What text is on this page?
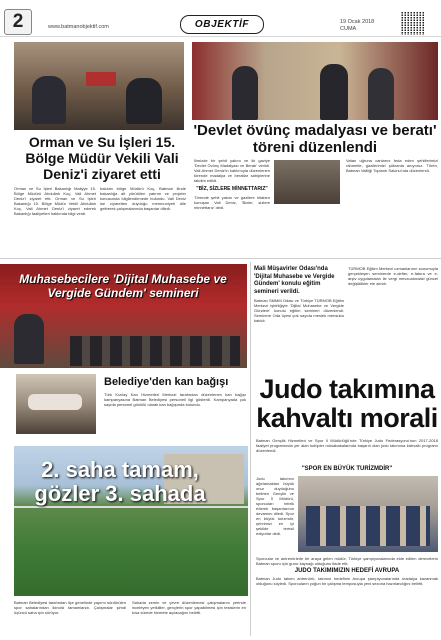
2	www.batmanobjektif.com	OBJEKTİF	19 Ocak 2018
CUMA
Orman ve Su İşleri 15. Bölge Müdür Vekili Vali Deniz'i ziyaret etti

Orman ve Su İşleri Bakanlığı Maliyye 15. Bölge Müdürü Abdullah Koç, Vali Ahmet Deniz'i ziyaret etti. Orman ve Su İşleri Bakanlığı 15. Bölge Müdür Vekili Abdullah Koç, Vali Ahmet Deniz'i ziyaret ederek Bakanlığı faaliyetleri hakkında bilgi verdi.

bakılan bölge Müdürü Koç, Batman ilinde bakanlığa ait yürütülen yatırım ve projeler konusunda bilgilendirmede bulundu. Vali Deniz ise ziyaretten duyduğu memnuniyeti dile getirerek çalışmalarında başarılar diledi.

'Devlet övünç madalyası ve beratı' töreni düzenlendi

İlimizde bir şehit yakını ve iki gaziye 'Devlet Övünç Madalyası ve Beratı' verildi. Vali Ahmet Deniz'in katılımıyla düzenlenen törende madalya ve beratlar sahiplerine takdim edildi.

"BİZ, SİZLERE MİNNETTARIZ"

Törende şehit yakını ve gazilere hitaben konuşan Vali Deniz, 'Bizler, sizlere minnettarız' dedi.

Vatan uğruna canlarını feda eden şehitlerimizi rahmetle, gazilerimizi şükranla anıyoruz. Tören, Batman Valiliği Toplantı Salonu'nda düzenlendi.

Muhasebecilere 'Dijital Muhasebe ve Vergide Gündem' semineri
Mali Müşavirler Odası'nda 'Dijital Muhasebe ve Vergide Gündem' konulu eğitim semineri verildi.

Batman SMMM Odası ve Türkiye TÜRMOB Eğitim Merkezi işbirliğiyle 'Dijital Muhasebe ve Vergide Gündem' konulu eğitim semineri düzenlendi. Seminere Oda üyesi çok sayıda meslek mensubu katıldı.

TÜRMOB Eğitim Merkezi uzmanlarının sunumuyla gerçekleşen seminerde e-defter, e-fatura ve e-arşiv uygulamaları ile vergi mevzuatındaki güncel değişiklikler ele alındı.

Belediye'den kan bağışı

Türk Kızılay Kan Hizmetleri Merkezi tarafından düzenlenen kan bağışı kampanyasına Batman Belediyesi personeli ilgi gösterdi. Kampanyada çok sayıda personel gönüllü olarak kan bağışında bulundu.

2. saha tamam, gözler 3. sahada

Batman Belediyesi tarafından ilçe genelinde yapımı sürdürülen spor sahalarından ikincisi tamamlandı. Çalışmalar şimdi üçüncü saha için sürüyor.

Sahada zemin ve çevre düzenlemesi çalışmalarını yerinde inceleyen yetkililer, gençlerin spor yapabilmesi için tesislerin en kısa sürede hizmete açılacağını belirtti.

Judo takımına kahvaltı morali

Batman Gençlik Hizmetleri ve Spor İl Müdürlüğü'nde Türkiye Judo Federasyonu'nun 2017-2018 faaliyet programında yer alan kulüpler müsabakalarında başarılı olan judo takımına kahvaltı programı düzenlendi.

"SPOR EN BÜYÜK TURİZMDİR"

Judo takımını ağırlamaktan büyük onur duyduğunu belirten Gençlik ve Spor İl Müdürü, sporcuları tebrik ederek başarılarının devamını diledi. Spor en büyük turizmdir, şehrimizi en iyi şekilde temsil ediyorlar dedi.

Sporcular ve antrenörlerle bir araya gelen müdür, Türkiye şampiyonalarında elde edilen derecelerin Batman sporu için gurur kaynağı olduğunu ifade etti.

JUDO TAKIMIMIZIN HEDEFİ AVRUPA

Batman Judo takımı antrenörü, takımın hedefinin Avrupa şampiyonalarında madalya kazanmak olduğunu söyledi. Sporcuların yoğun bir çalışma temposuyla yeni sezona hazırlandığını belirtti.
